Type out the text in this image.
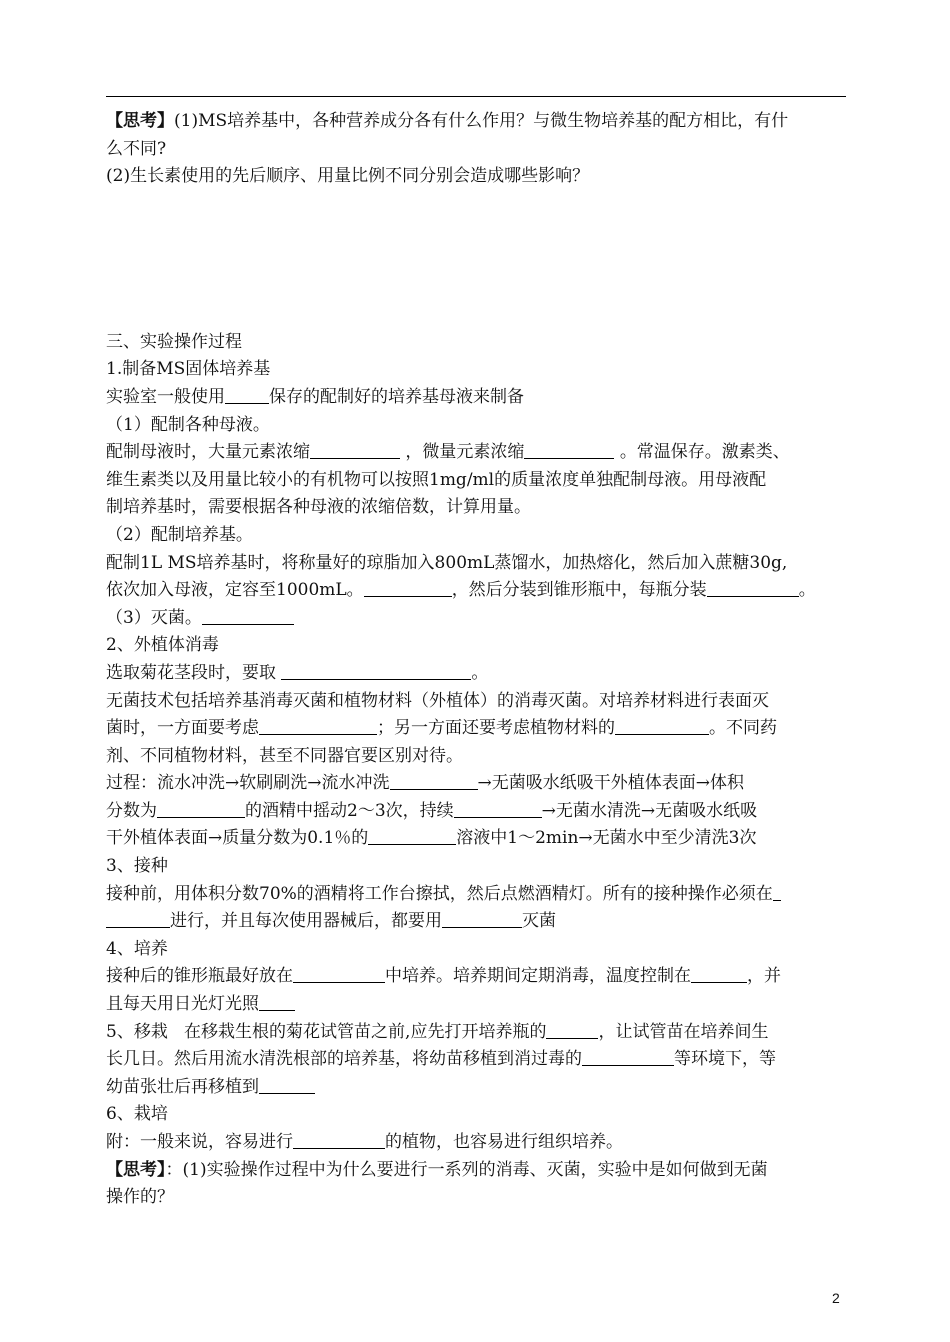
【思考】(1)MS培养基中，各种营养成分各有什么作用？与微生物培养基的配方相比，有什

么不同?

(2)生长素使用的先后顺序、用量比例不同分别会造成哪些影响？

三、实验操作过程

1.制备MS固体培养基

实验室一般使用	保存的配制好的培养基母液来制备

（1）配制各种母液。

配制母液时，大量元素浓缩	，微量元素浓缩	。常温保存。激素类、

维生素类以及用量比较小的有机物可以按照1mg/ml的质量浓度单独配制母液。用母液配

制培养基时，需要根据各种母液的浓缩倍数，计算用量。

（2）配制培养基。

配制1L MS培养基时，将称量好的琼脂加入800mL蒸馏水，加热熔化，然后加入蔗糖30g,

依次加入母液，定容至1000mL。	，然后分装到锥形瓶中，每瓶分装	。

（3）灭菌。

2、外植体消毒

选取菊花茎段时，要取	。

无菌技术包括培养基消毒灭菌和植物材料（外植体）的消毒灭菌。对培养材料进行表面灭

菌时，一方面要考虑	；另一方面还要考虑植物材料的	。不同药

剂、不同植物材料，甚至不同器官要区别对待。

过程：流水冲洗→软刷刷洗→流水冲洗	→无菌吸水纸吸干外植体表面→体积

分数为	的酒精中摇动2～3次，持续	→无菌水清洗→无菌吸水纸吸

干外植体表面→质量分数为0.1％的	溶液中1～2min→无菌水中至少清洗3次

3、接种

接种前，用体积分数70%的酒精将工作台擦拭，然后点燃酒精灯。所有的接种操作必须在

进行，并且每次使用器械后，都要用	灭菌

4、培养

接种后的锥形瓶最好放在	中培养。培养期间定期消毒，温度控制在	，并

且每天用日光灯光照

5、移栽 在移栽生根的菊花试管苗之前,应先打开培养瓶的	，让试管苗在培养间生

长几日。然后用流水清洗根部的培养基，将幼苗移植到消过毒的	等环境下，等

幼苗张壮后再移植到

6、栽培

附：一般来说，容易进行	的植物，也容易进行组织培养。

【思考】：(1)实验操作过程中为什么要进行一系列的消毒、灭菌，实验中是如何做到无菌

操作的？

2
